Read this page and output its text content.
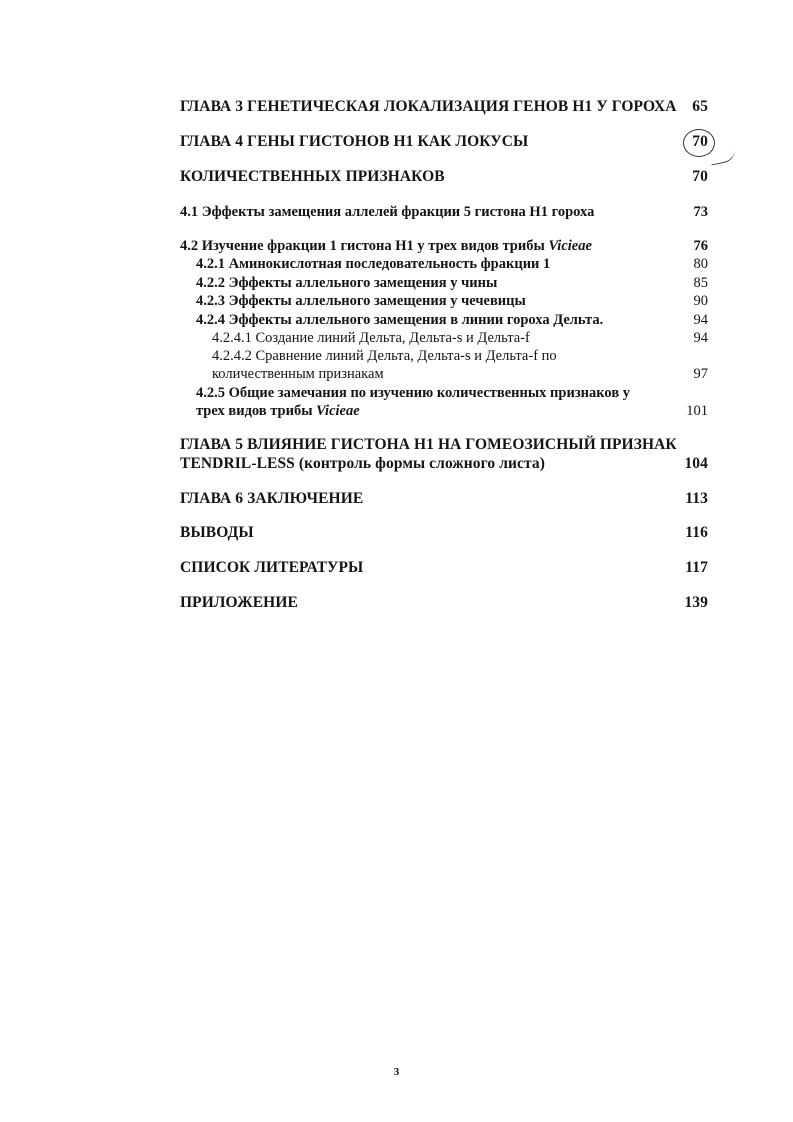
ГЛАВА 3 ГЕНЕТИЧЕСКАЯ ЛОКАЛИЗАЦИЯ ГЕНОВ Н1 У ГОРОХА 65
ГЛАВА 4 ГЕНЫ ГИСТОНОВ Н1 КАК ЛОКУСЫ	70
КОЛИЧЕСТВЕННЫХ ПРИЗНАКОВ	70
4.1 Эффекты замещения аллелей фракции 5 гистона Н1 гороха	73
4.2 Изучение фракции 1 гистона Н1 у трех видов трибы Vicieae	76
4.2.1 Аминокислотная последовательность фракции 1	80
4.2.2 Эффекты аллельного замещения у чины	85
4.2.3 Эффекты аллельного замещения у чечевицы	90
4.2.4 Эффекты аллельного замещения в линии гороха Дельта.	94
4.2.4.1 Создание линий Дельта, Дельта-s и Дельта-f	94
4.2.4.2 Сравнение линий Дельта, Дельта-s и Дельта-f по
количественным признакам	97
4.2.5 Общие замечания по изучению количественных признаков у
трех видов трибы Vicieae	101
ГЛАВА 5 ВЛИЯНИЕ ГИСТОНА Н1 НА ГОМЕОЗИСНЫЙ ПРИЗНАК
TENDRIL-LESS (контроль формы сложного листа)	104
ГЛАВА 6 ЗАКЛЮЧЕНИЕ	113
ВЫВОДЫ	116
СПИСОК ЛИТЕРАТУРЫ	117
ПРИЛОЖЕНИЕ	139
3
